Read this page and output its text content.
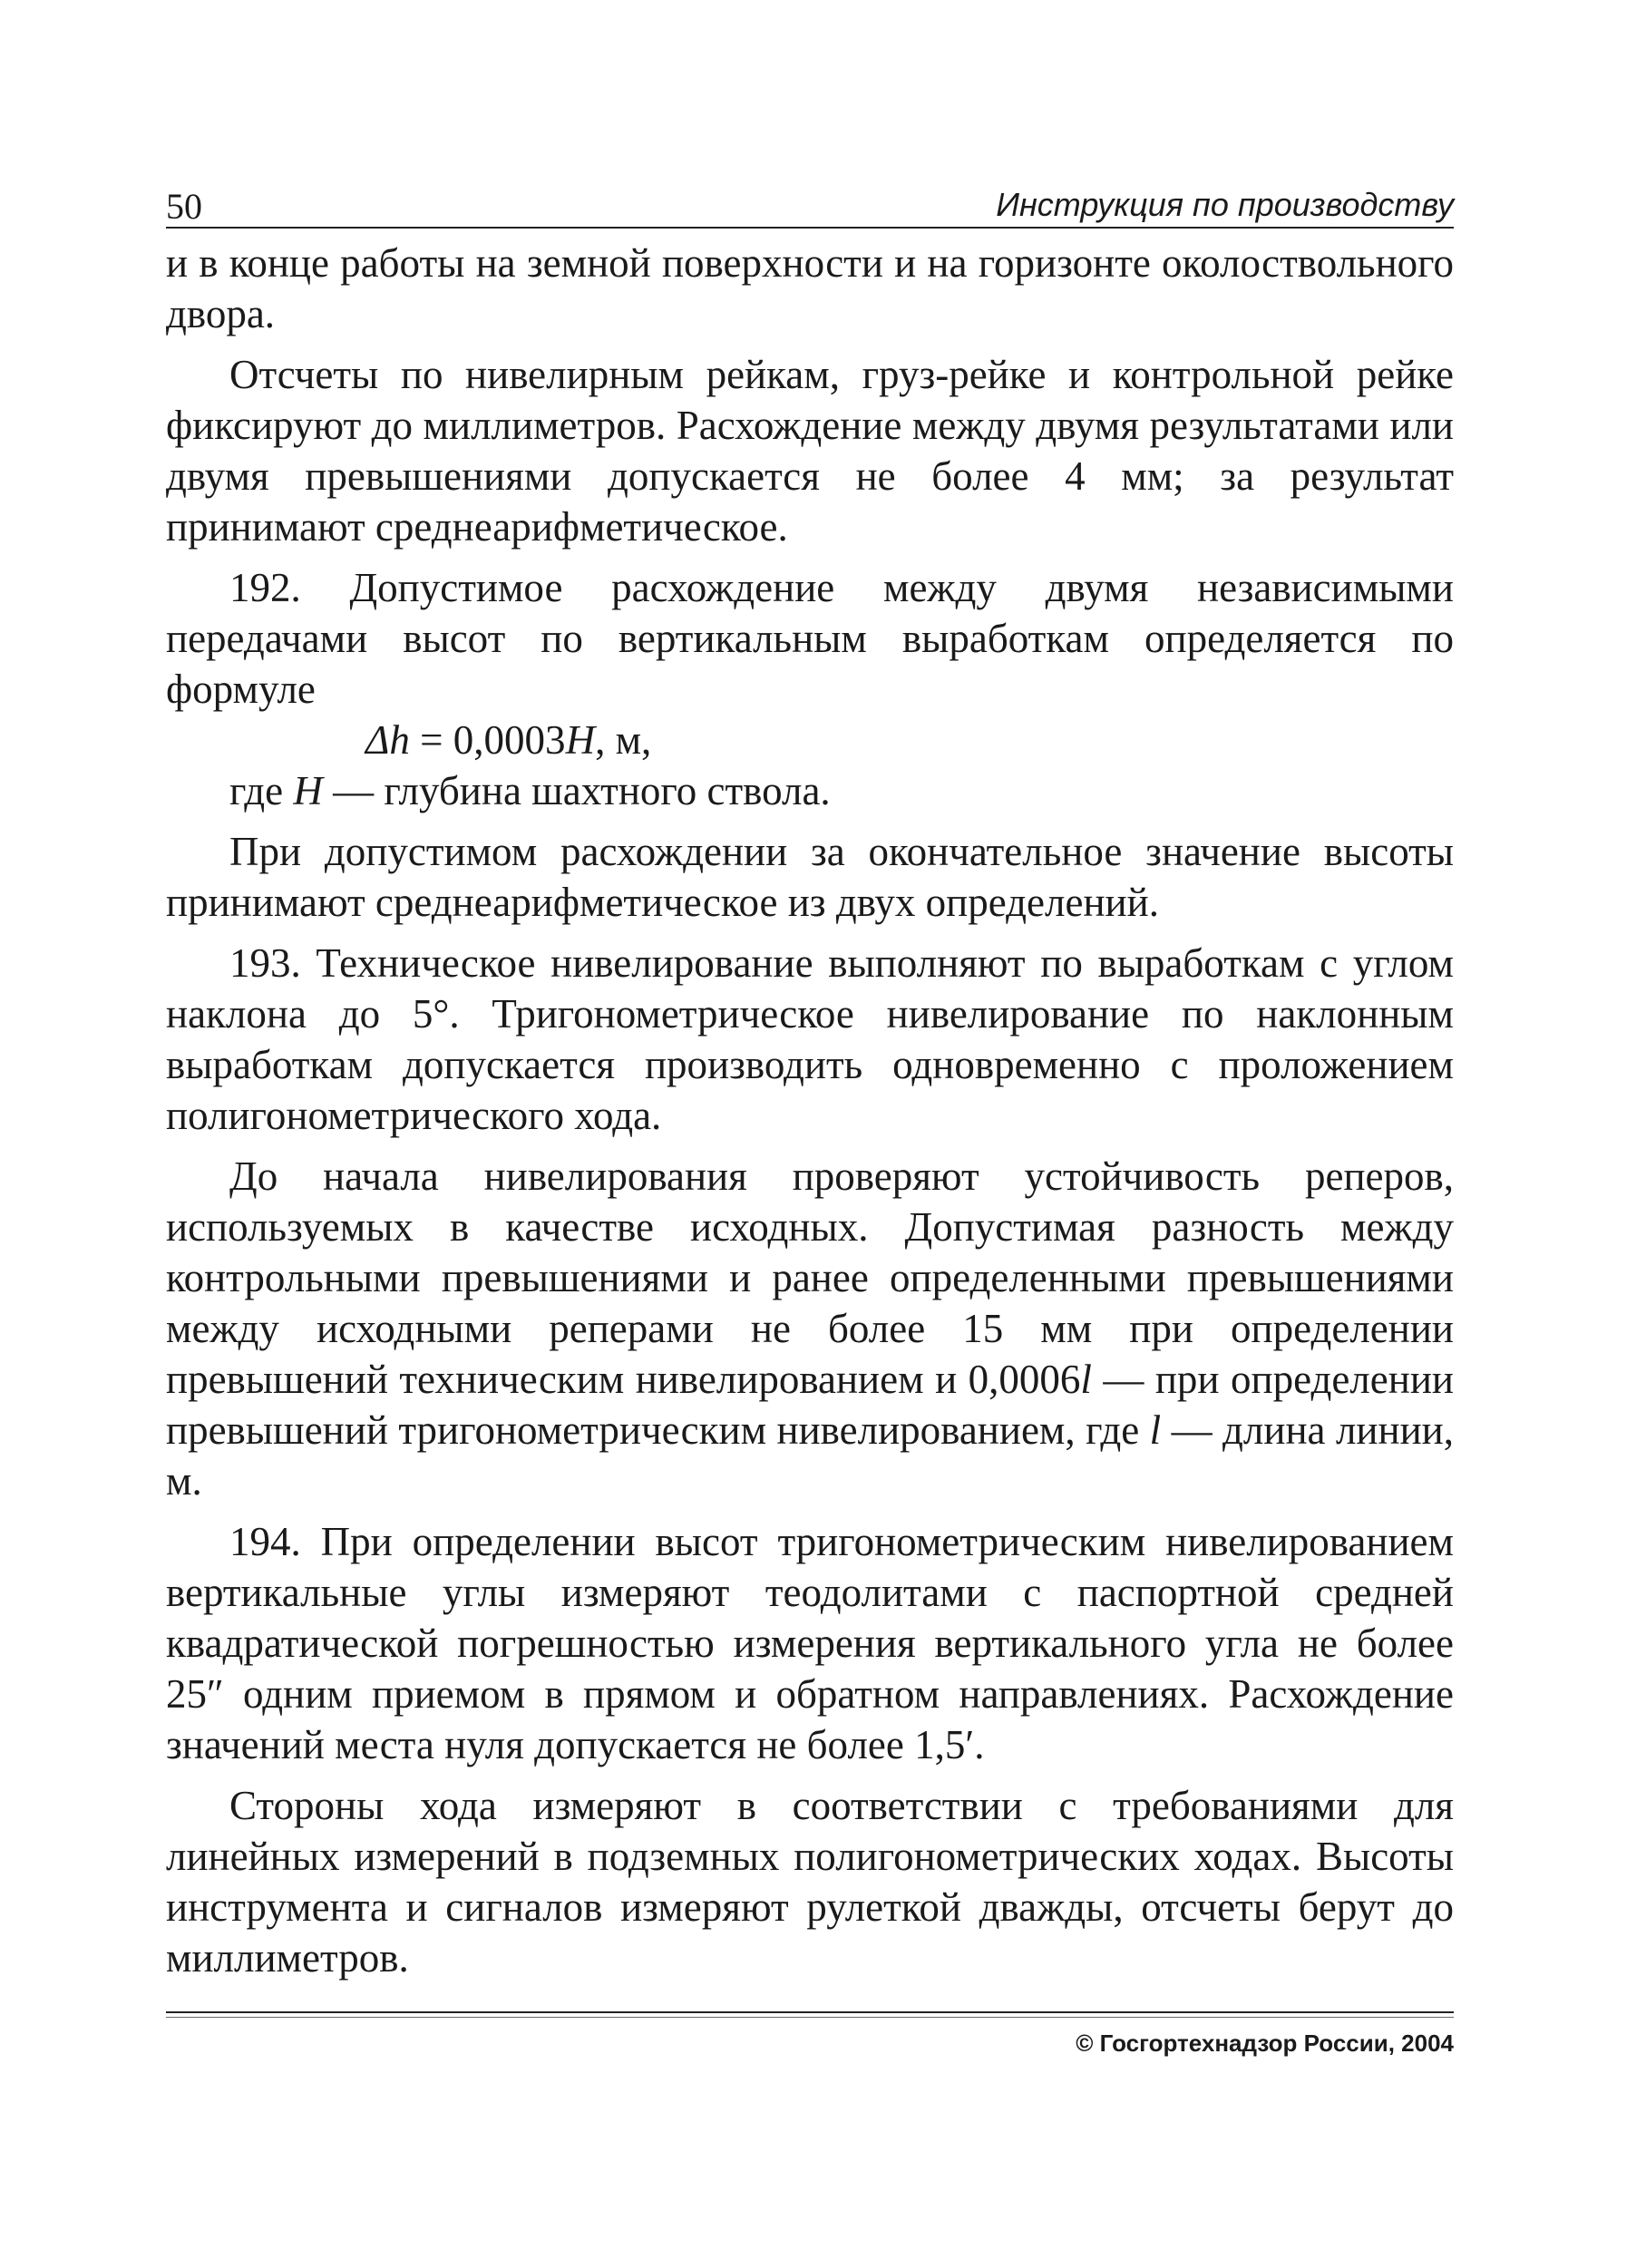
50	Инструкция по производству

и в конце работы на земной поверхности и на горизонте околоствольного двора.

Отсчеты по нивелирным рейкам, груз-рейке и контрольной рейке фиксируют до миллиметров. Расхождение между двумя результатами или двумя превышениями допускается не более 4 мм; за результат принимают среднеарифметическое.

192. Допустимое расхождение между двумя независимыми передачами высот по вертикальным выработкам определяется по формуле

Δh = 0,0003H, м,

где H — глубина шахтного ствола.

При допустимом расхождении за окончательное значение высоты принимают среднеарифметическое из двух определений.

193. Техническое нивелирование выполняют по выработкам с углом наклона до 5°. Тригонометрическое нивелирование по наклонным выработкам допускается производить одновременно с проложением полигонометрического хода.

До начала нивелирования проверяют устойчивость реперов, используемых в качестве исходных. Допустимая разность между контрольными превышениями и ранее определенными превышениями между исходными реперами не более 15 мм при определении превышений техническим нивелированием и 0,0006l — при определении превышений тригонометрическим нивелированием, где l — длина линии, м.

194. При определении высот тригонометрическим нивелированием вертикальные углы измеряют теодолитами с паспортной средней квадратической погрешностью измерения вертикального угла не более 25″ одним приемом в прямом и обратном направлениях. Расхождение значений места нуля допускается не более 1,5′.

Стороны хода измеряют в соответствии с требованиями для линейных измерений в подземных полигонометрических ходах. Высоты инструмента и сигналов измеряют рулеткой дважды, отсчеты берут до миллиметров.

© Госгортехнадзор России, 2004
